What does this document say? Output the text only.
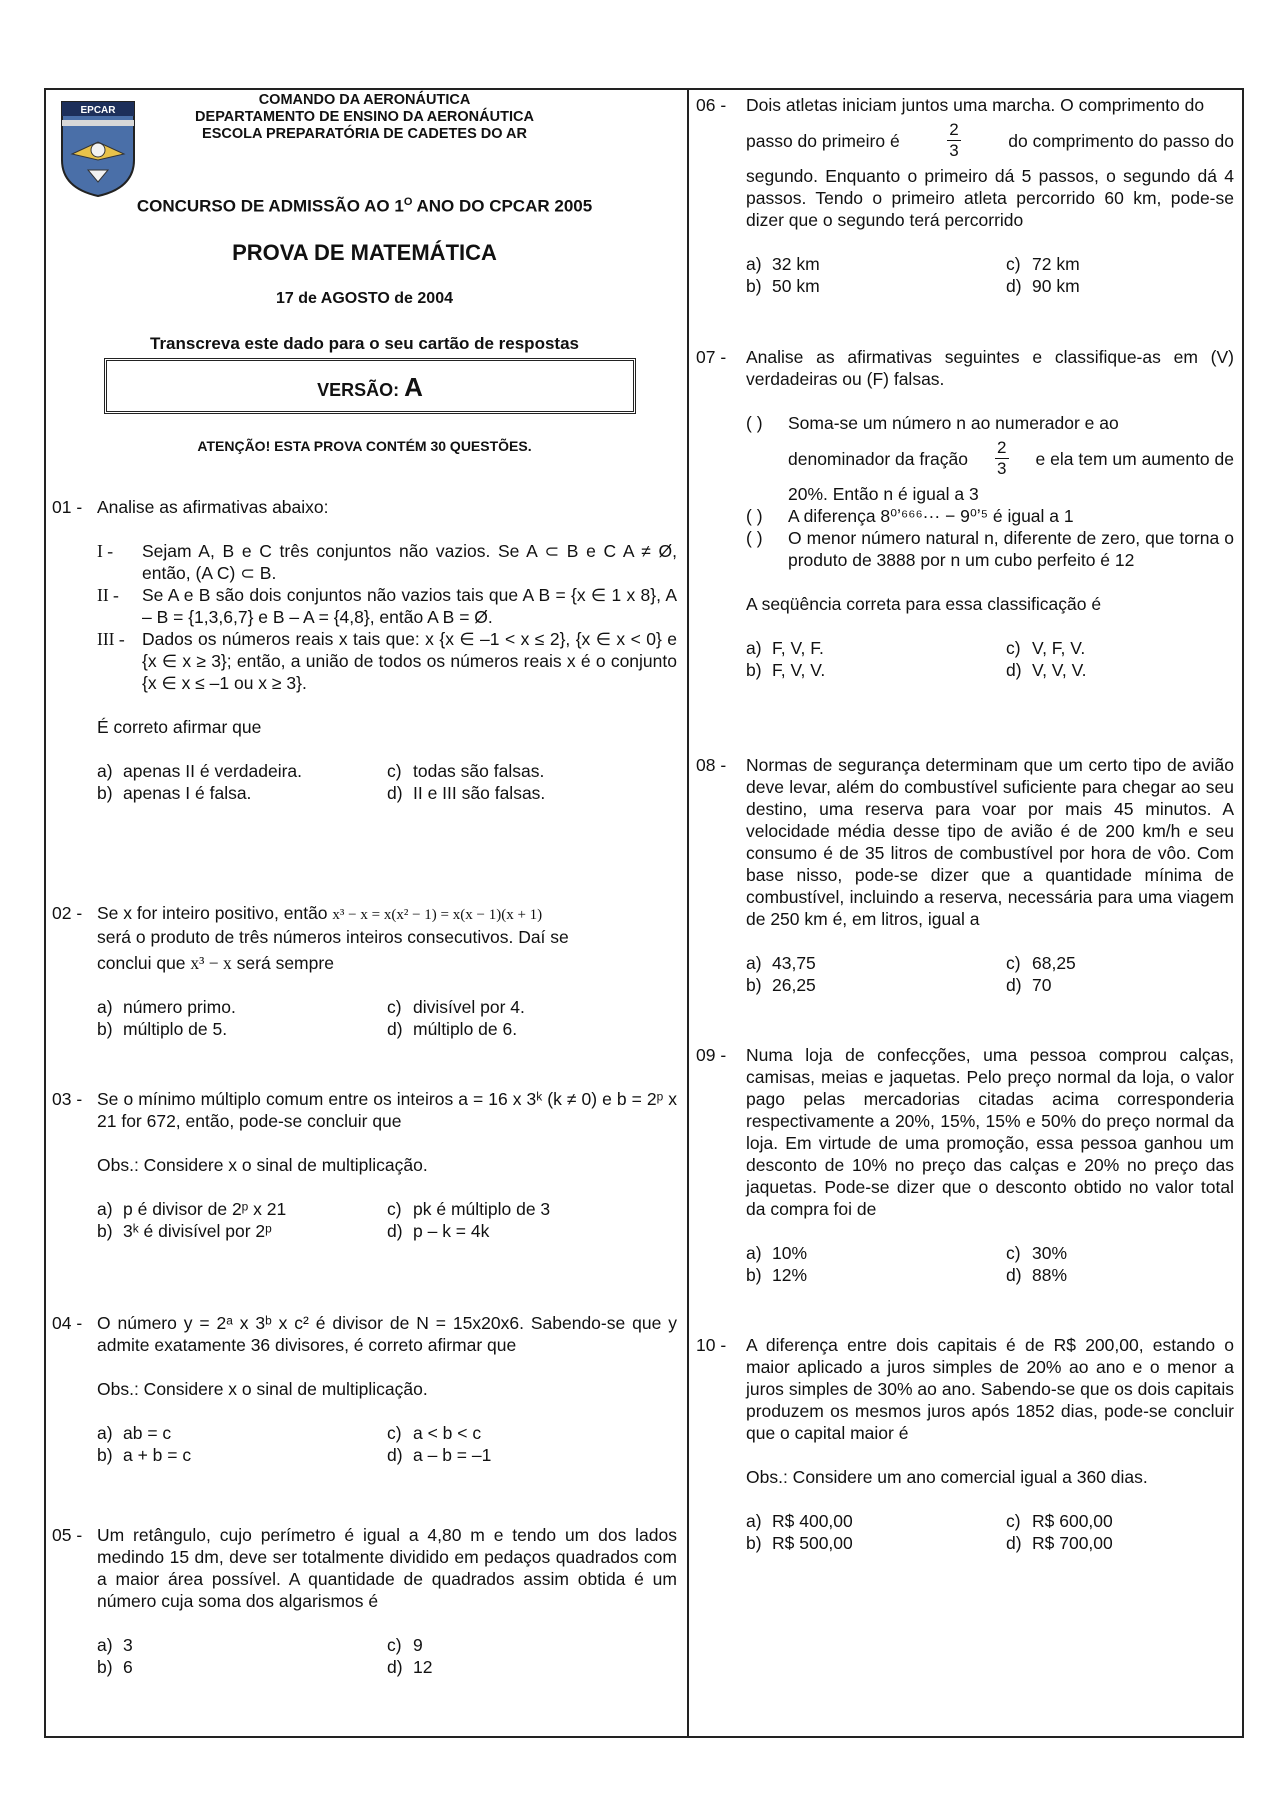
EPCAR
COMANDO DA AERONÁUTICA
DEPARTAMENTO DE ENSINO DA AERONÁUTICA
ESCOLA PREPARATÓRIA DE CADETES DO AR
CONCURSO DE ADMISSÃO AO $1^O$ ANO DO CPCAR 2005
PROVA DE MATEMÁTICA
17 de AGOSTO de 2004
Transcreva este dado para o seu cartão de respostas
VERSÃO: A
ATENÇÃO! ESTA PROVA CONTÉM 30 QUESTÕES.
01 - Analise as afirmativas abaixo:
I - Sejam A, B e C três conjuntos não vazios. Se A ⊂ B e C A ≠ Ø, então, (A C) ⊂ B.
II - Se A e B são dois conjuntos não vazios tais que A B = {x ∈ 1 x 8}, A – B = {1,3,6,7} e B – A = {4,8}, então A B = Ø.
III - Dados os números reais x tais que: x {x ∈ –1 < x ≤ 2}, {x ∈ x < 0} e {x ∈ x ≥ 3}; então, a união de todos os números reais x é o conjunto {x ∈ x ≤ –1 ou x ≥ 3}.
É correto afirmar que
a) apenas II é verdadeira.	c) todas são falsas.
b) apenas I é falsa.	d) II e III são falsas.
02 - Se x for inteiro positivo, então x³ − x = x(x² − 1) = x(x − 1)(x + 1)
será o produto de três números inteiros consecutivos. Daí se
conclui que x³ − x será sempre
a) número primo.	c) divisível por 4.
b) múltiplo de 5.	d) múltiplo de 6.
03 - Se o mínimo múltiplo comum entre os inteiros a = 16 x 3ᵏ (k ≠ 0) e b = 2ᵖ x 21 for 672, então, pode-se concluir que
Obs.: Considere x o sinal de multiplicação.
a) p é divisor de 2ᵖ x 21	c) pk é múltiplo de 3
b) 3ᵏ é divisível por 2ᵖ	d) p – k = 4k
04 - O número y = 2ᵃ x 3ᵇ x c² é divisor de N = 15x20x6. Sabendo-se que y admite exatamente 36 divisores, é correto afirmar que
Obs.: Considere x o sinal de multiplicação.
a) ab = c	c) a < b < c
b) a + b = c	d) a – b = –1
05 - Um retângulo, cujo perímetro é igual a 4,80 m e tendo um dos lados medindo 15 dm, deve ser totalmente dividido em pedaços quadrados com a maior área possível. A quantidade de quadrados assim obtida é um número cuja soma dos algarismos é
a) 3	c) 9
b) 6	d) 12
06 -	Dois atletas iniciam juntos uma marcha. O comprimento do
passo do primeiro é	$\frac{2}{3}$	do comprimento do passo do
segundo. Enquanto o primeiro dá 5 passos, o segundo dá 4 passos. Tendo o primeiro atleta percorrido 60 km, pode-se dizer que o segundo terá percorrido
a) 32 km	c) 72 km
b) 50 km	d) 90 km
07 -	Analise as afirmativas seguintes e classifique-as em (V) verdadeiras ou (F) falsas.
( ) Soma-se um número n ao numerador e ao
denominador da fração $\frac{2}{3}$ e ela tem um aumento de
20%. Então n é igual a 3
( ) A diferença 8⁰ʼ⁶⁶⁶··· − 9⁰ʼ⁵ é igual a 1
( ) O menor número natural n, diferente de zero, que torna o produto de 3888 por n um cubo perfeito é 12
A seqüência correta para essa classificação é
a) F, V, F.	c) V, F, V.
b) F, V, V.	d) V, V, V.
08 -	Normas de segurança determinam que um certo tipo de avião deve levar, além do combustível suficiente para chegar ao seu destino, uma reserva para voar por mais 45 minutos. A velocidade média desse tipo de avião é de 200 km/h e seu consumo é de 35 litros de combustível por hora de vôo. Com base nisso, pode-se dizer que a quantidade mínima de combustível, incluindo a reserva, necessária para uma viagem de 250 km é, em litros, igual a
a) 43,75	c) 68,25
b) 26,25	d) 70
09 -	Numa loja de confecções, uma pessoa comprou calças, camisas, meias e jaquetas. Pelo preço normal da loja, o valor pago pelas mercadorias citadas acima corresponderia respectivamente a 20%, 15%, 15% e 50% do preço normal da loja. Em virtude de uma promoção, essa pessoa ganhou um desconto de 10% no preço das calças e 20% no preço das jaquetas. Pode-se dizer que o desconto obtido no valor total da compra foi de
a) 10%	c) 30%
b) 12%	d) 88%
10 -	A diferença entre dois capitais é de R$ 200,00, estando o maior aplicado a juros simples de 20% ao ano e o menor a juros simples de 30% ao ano. Sabendo-se que os dois capitais produzem os mesmos juros após 1852 dias, pode-se concluir que o capital maior é
Obs.: Considere um ano comercial igual a 360 dias.
a) R$ 400,00	c) R$ 600,00
b) R$ 500,00	d) R$ 700,00
